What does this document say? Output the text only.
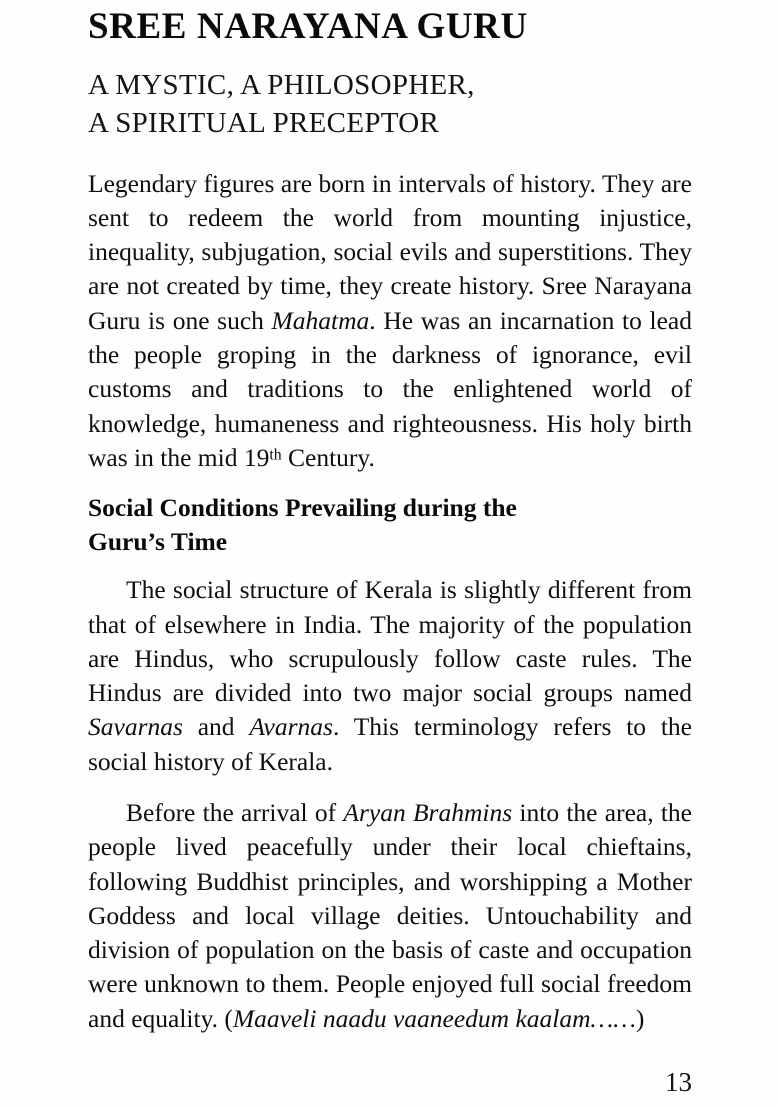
SREE NARAYANA GURU
A MYSTIC, A PHILOSOPHER,
A SPIRITUAL PRECEPTOR

Legendary figures are born in intervals of history. They are sent to redeem the world from mounting injustice, inequality, subjugation, social evils and superstitions. They are not created by time, they create history. Sree Narayana Guru is one such Mahatma. He was an incarnation to lead the people groping in the darkness of ignorance, evil customs and traditions to the enlightened world of knowledge, humaneness and righteousness. His holy birth was in the mid 19th Century.

Social Conditions Prevailing during the
Guru’s Time

The social structure of Kerala is slightly different from that of elsewhere in India. The majority of the population are Hindus, who scrupulously follow caste rules. The Hindus are divided into two major social groups named Savarnas and Avarnas. This terminology refers to the social history of Kerala.

Before the arrival of Aryan Brahmins into the area, the people lived peacefully under their local chieftains, following Buddhist principles, and worshipping a Mother Goddess and local village deities. Untouchability and division of population on the basis of caste and occupation were unknown to them. People enjoyed full social freedom and equality. (Maaveli naadu vaaneedum kaalam……)

13
